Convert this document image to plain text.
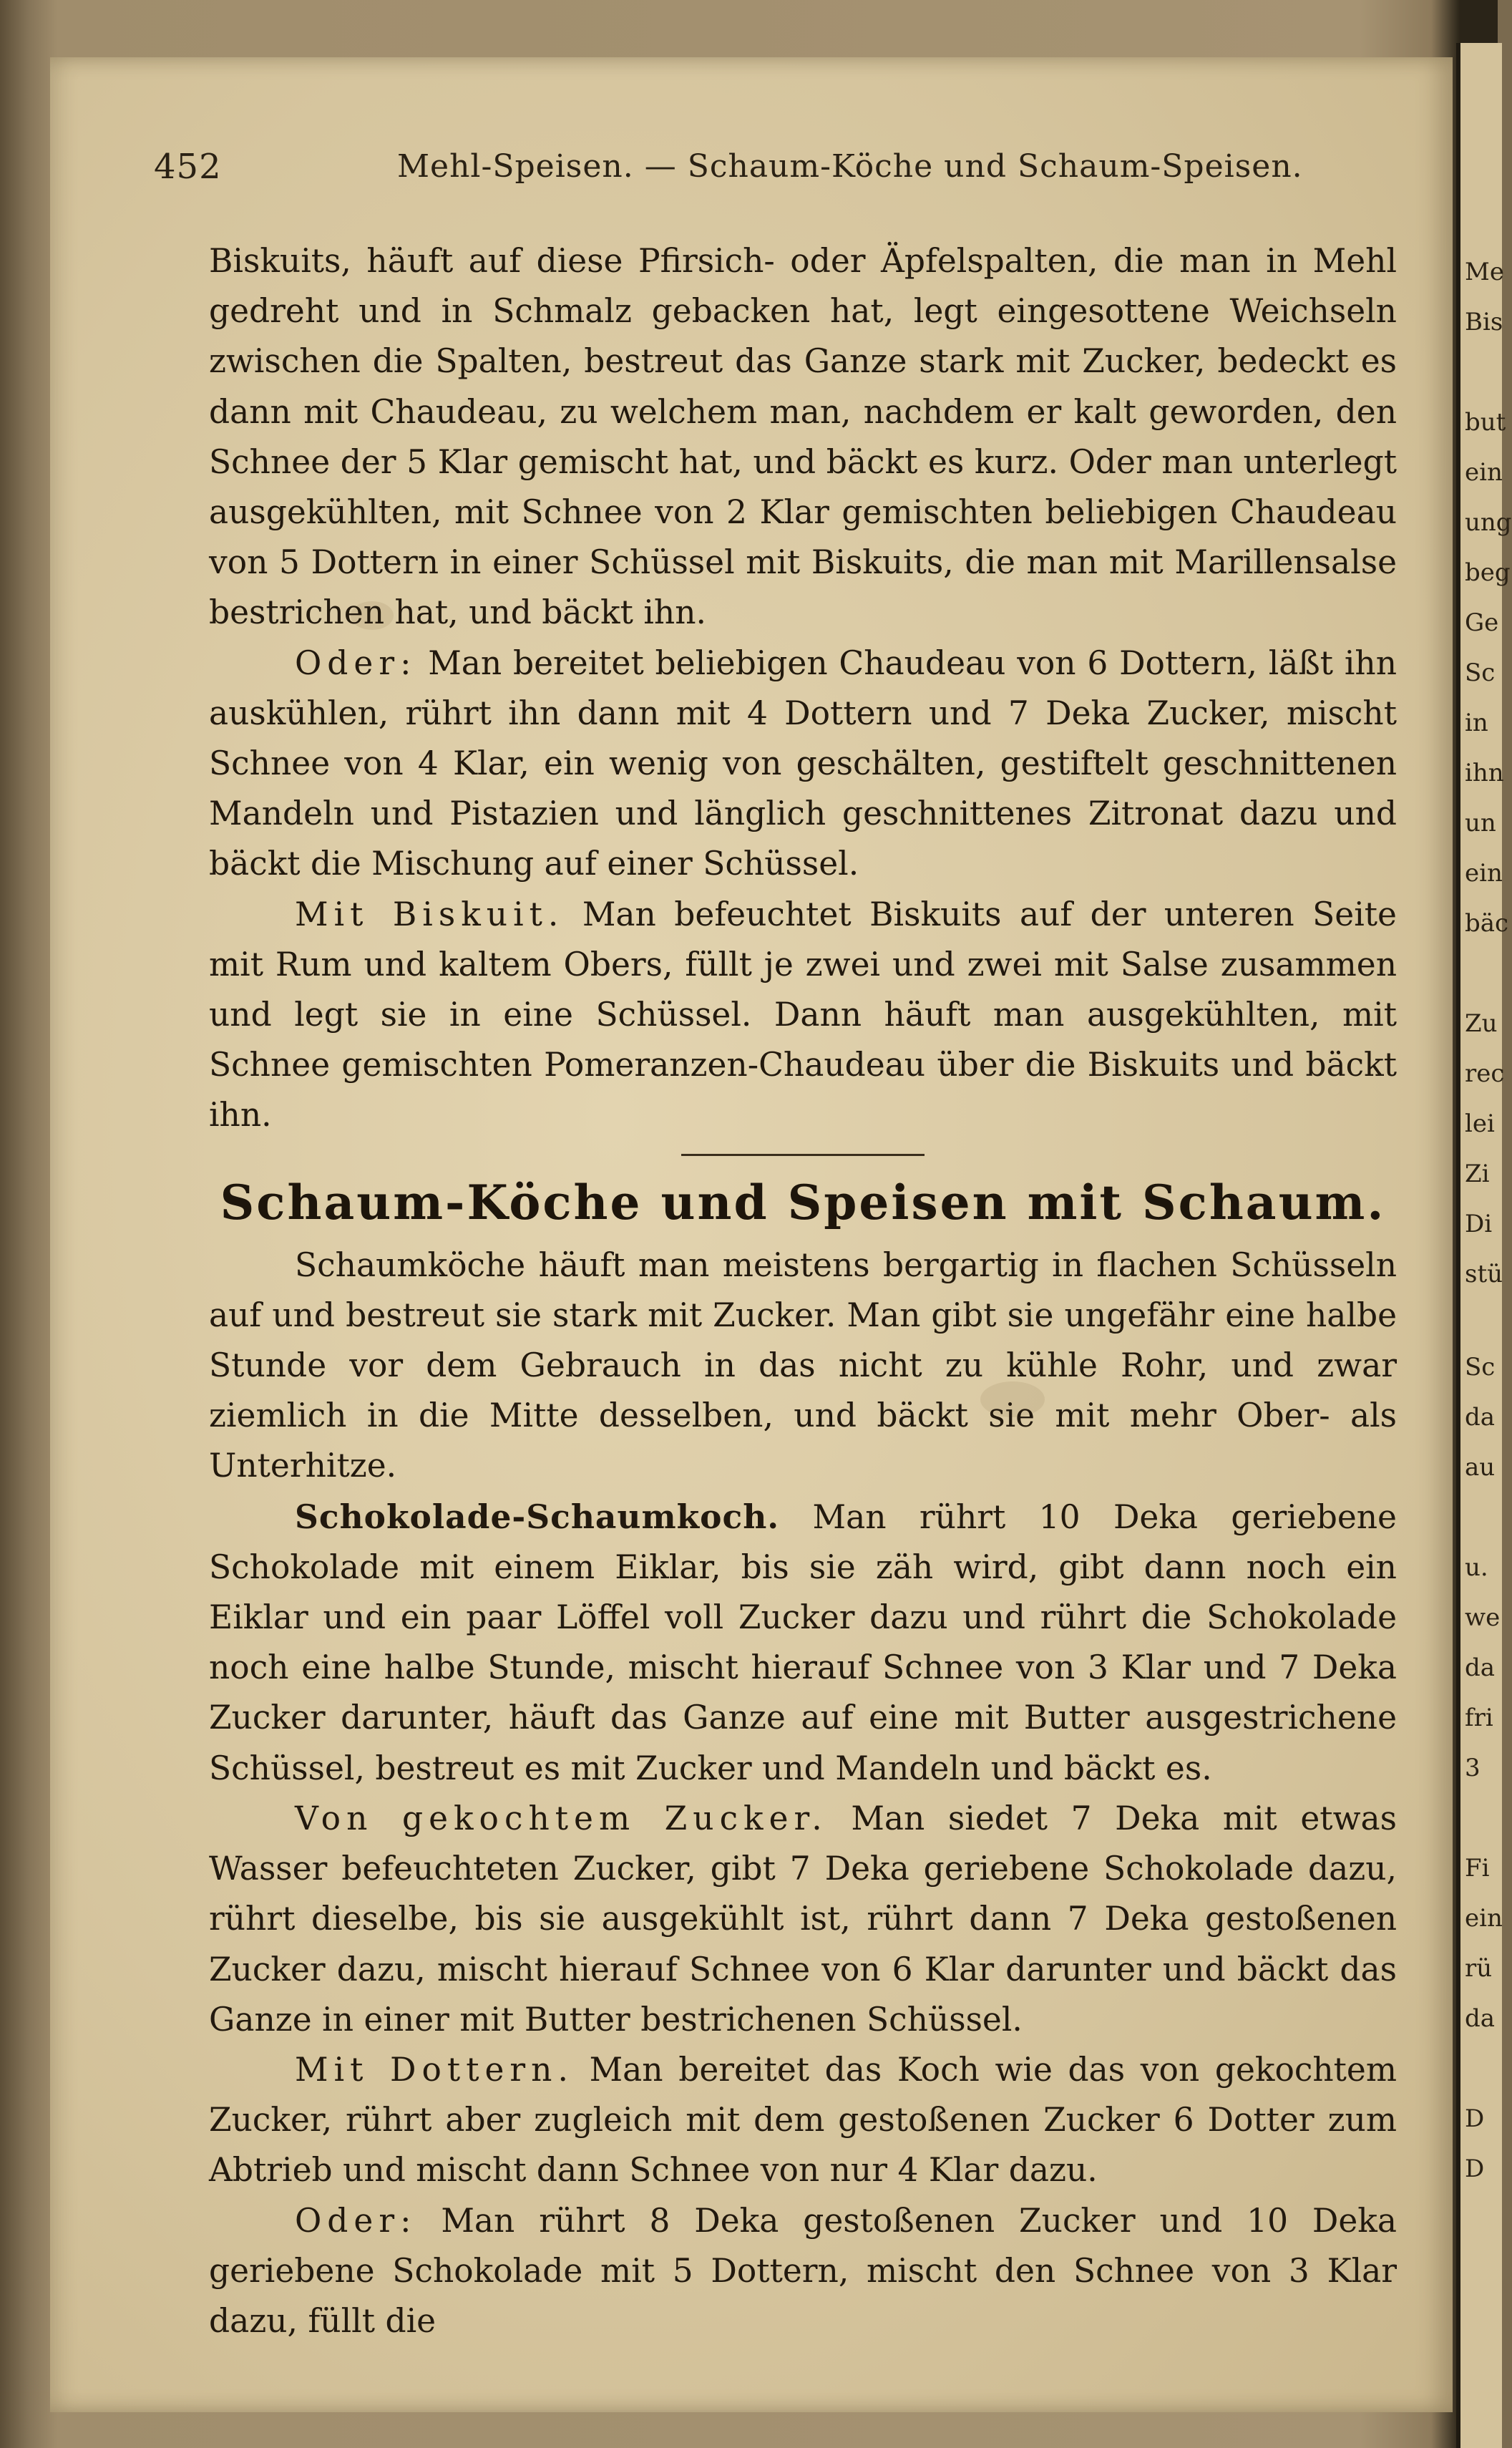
Me
Bis
but
ein
ung
beg
Ge
Sc
in
ihn
un
ein
bäc
Zu
rec
lei
Zi
Di
stü
Sc
da
au
u.
we
da
fri
3
Fi
ein
rü
da
D
D
452	Mehl-Speisen. — Schaum-Köche und Schaum-Speisen.

Biskuits, häuft auf diese Pfirsich- oder Äpfelspalten, die man in Mehl gedreht und in Schmalz gebacken hat, legt eingesottene Weichseln zwischen die Spalten, bestreut das Ganze stark mit Zucker, bedeckt es dann mit Chaudeau, zu welchem man, nachdem er kalt geworden, den Schnee der 5 Klar gemischt hat, und bäckt es kurz. Oder man unterlegt ausgekühlten, mit Schnee von 2 Klar gemischten beliebigen Chaudeau von 5 Dottern in einer Schüssel mit Biskuits, die man mit Marillensalse bestrichen hat, und bäckt ihn.

Oder: Man bereitet beliebigen Chaudeau von 6 Dottern, läßt ihn auskühlen, rührt ihn dann mit 4 Dottern und 7 Deka Zucker, mischt Schnee von 4 Klar, ein wenig von geschälten, gestiftelt geschnittenen Mandeln und Pistazien und länglich geschnittenes Zitronat dazu und bäckt die Mischung auf einer Schüssel.

Mit Biskuit. Man befeuchtet Biskuits auf der unteren Seite mit Rum und kaltem Obers, füllt je zwei und zwei mit Salse zusammen und legt sie in eine Schüssel. Dann häuft man ausgekühlten, mit Schnee gemischten Pomeranzen-Chaudeau über die Biskuits und bäckt ihn.

Schaum-Köche und Speisen mit Schaum.

Schaumköche häuft man meistens bergartig in flachen Schüsseln auf und bestreut sie stark mit Zucker. Man gibt sie ungefähr eine halbe Stunde vor dem Gebrauch in das nicht zu kühle Rohr, und zwar ziemlich in die Mitte desselben, und bäckt sie mit mehr Ober- als Unterhitze.

Schokolade-Schaumkoch. Man rührt 10 Deka geriebene Schokolade mit einem Eiklar, bis sie zäh wird, gibt dann noch ein Eiklar und ein paar Löffel voll Zucker dazu und rührt die Schokolade noch eine halbe Stunde, mischt hierauf Schnee von 3 Klar und 7 Deka Zucker darunter, häuft das Ganze auf eine mit Butter ausgestrichene Schüssel, bestreut es mit Zucker und Mandeln und bäckt es.

Von gekochtem Zucker. Man siedet 7 Deka mit etwas Wasser befeuchteten Zucker, gibt 7 Deka geriebene Schokolade dazu, rührt dieselbe, bis sie ausgekühlt ist, rührt dann 7 Deka gestoßenen Zucker dazu, mischt hierauf Schnee von 6 Klar darunter und bäckt das Ganze in einer mit Butter bestrichenen Schüssel.

Mit Dottern. Man bereitet das Koch wie das von gekochtem Zucker, rührt aber zugleich mit dem gestoßenen Zucker 6 Dotter zum Abtrieb und mischt dann Schnee von nur 4 Klar dazu.

Oder: Man rührt 8 Deka gestoßenen Zucker und 10 Deka geriebene Schokolade mit 5 Dottern, mischt den Schnee von 3 Klar dazu, füllt die
